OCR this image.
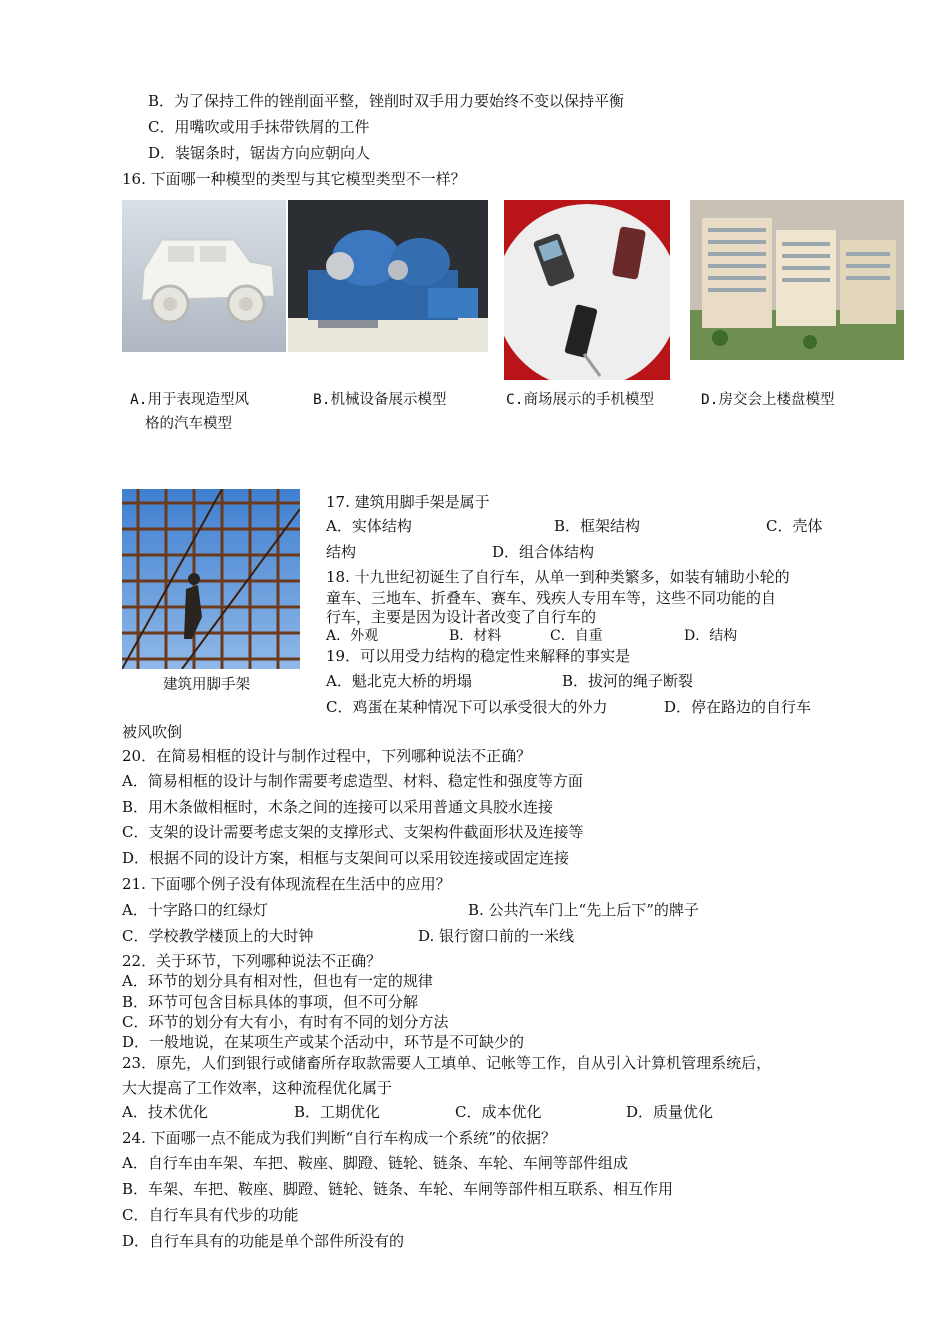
B．为了保持工件的锉削面平整，锉削时双手用力要始终不变以保持平衡
C．用嘴吹或用手抹带铁屑的工件
D．装锯条时，锯齿方向应朝向人
16. 下面哪一种模型的类型与其它模型类型不一样？
A.用于表现造型风
格的汽车模型
B.机械设备展示模型	C.商场展示的手机模型	D.房交会上楼盘模型
建筑用脚手架
17. 建筑用脚手架是属于
A．实体结构	B．框架结构	C．壳体
结构	D．组合体结构
18. 十九世纪初诞生了自行车，从单一到种类繁多，如装有辅助小轮的
童车、三地车、折叠车、赛车、残疾人专用车等，这些不同功能的自
行车，主要是因为设计者改变了自行车的
A．外观	B．材料	C．自重	D．结构
19．可以用受力结构的稳定性来解释的事实是
A．魁北克大桥的坍塌	B．拔河的绳子断裂
C．鸡蛋在某种情况下可以承受很大的外力	D．停在路边的自行车
被风吹倒
20．在简易相框的设计与制作过程中，下列哪种说法不正确？
A．简易相框的设计与制作需要考虑造型、材料、稳定性和强度等方面
B．用木条做相框时，木条之间的连接可以采用普通文具胶水连接
C．支架的设计需要考虑支架的支撑形式、支架构件截面形状及连接等
D．根据不同的设计方案，相框与支架间可以采用铰连接或固定连接
21. 下面哪个例子没有体现流程在生活中的应用？
A．十字路口的红绿灯	B. 公共汽车门上“先上后下”的牌子
C．学校教学楼顶上的大时钟	D. 银行窗口前的一米线
22．关于环节，下列哪种说法不正确？
A．环节的划分具有相对性，但也有一定的规律
B．环节可包含目标具体的事项，但不可分解
C．环节的划分有大有小，有时有不同的划分方法
D．一般地说，在某项生产或某个活动中，环节是不可缺少的
23．原先，人们到银行或储畜所存取款需要人工填单、记帐等工作，自从引入计算机管理系统后，
大大提高了工作效率，这种流程优化属于
A．技术优化	B．工期优化	C．成本优化	D．质量优化
24. 下面哪一点不能成为我们判断“自行车构成一个系统”的依据？
A．自行车由车架、车把、鞍座、脚蹬、链轮、链条、车轮、车闸等部件组成
B．车架、车把、鞍座、脚蹬、链轮、链条、车轮、车闸等部件相互联系、相互作用
C．自行车具有代步的功能
D．自行车具有的功能是单个部件所没有的
